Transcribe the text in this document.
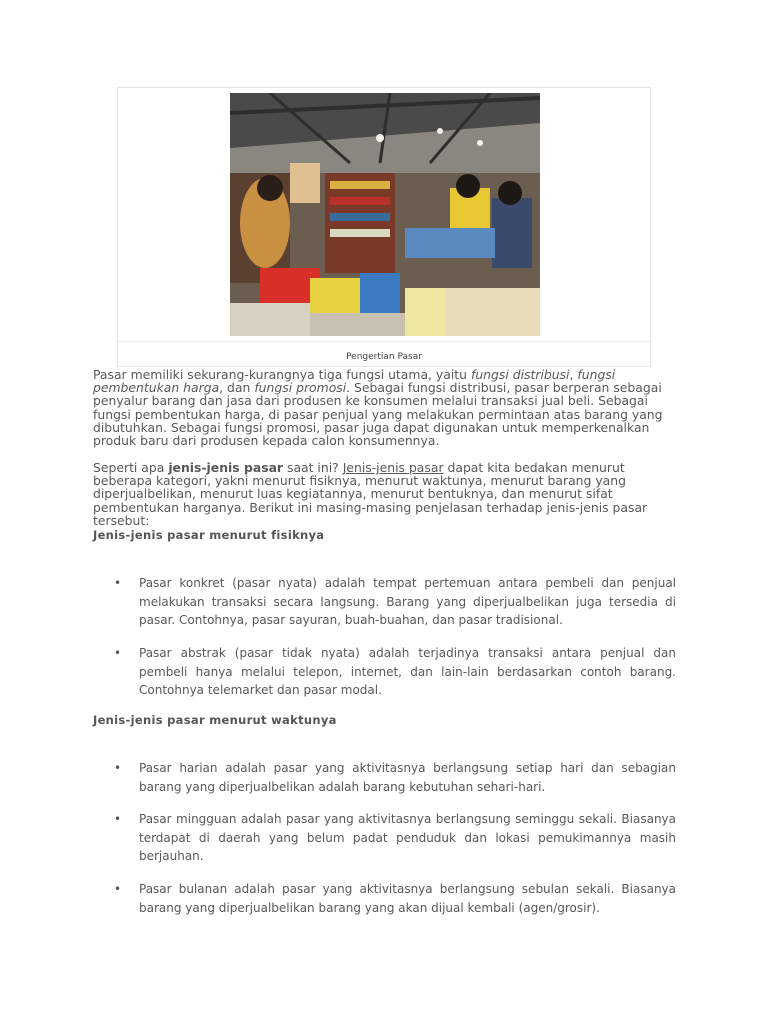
Pengertian Pasar

Pasar memiliki sekurang-kurangnya tiga fungsi utama, yaitu fungsi distribusi, fungsi pembentukan harga, dan fungsi promosi. Sebagai fungsi distribusi, pasar berperan sebagai penyalur barang dan jasa dari produsen ke konsumen melalui transaksi jual beli. Sebagai fungsi pembentukan harga, di pasar penjual yang melakukan permintaan atas barang yang dibutuhkan. Sebagai fungsi promosi, pasar juga dapat digunakan untuk memperkenalkan produk baru dari produsen kepada calon konsumennya.

Seperti apa jenis-jenis pasar saat ini? Jenis-jenis pasar dapat kita bedakan menurut beberapa kategori, yakni menurut fisiknya, menurut waktunya, menurut barang yang diperjualbelikan, menurut luas kegiatannya, menurut bentuknya, dan menurut sifat pembentukan harganya. Berikut ini masing-masing penjelasan terhadap jenis-jenis pasar tersebut:

Jenis-jenis pasar menurut fisiknya

• Pasar konkret (pasar nyata) adalah tempat pertemuan antara pembeli dan penjual melakukan transaksi secara langsung. Barang yang diperjualbelikan juga tersedia di pasar. Contohnya, pasar sayuran, buah-buahan, dan pasar tradisional.

• Pasar abstrak (pasar tidak nyata) adalah terjadinya transaksi antara penjual dan pembeli hanya melalui telepon, internet, dan lain-lain berdasarkan contoh barang. Contohnya telemarket dan pasar modal.

Jenis-jenis pasar menurut waktunya

• Pasar harian adalah pasar yang aktivitasnya berlangsung setiap hari dan sebagian barang yang diperjualbelikan adalah barang kebutuhan sehari-hari.

• Pasar mingguan adalah pasar yang aktivitasnya berlangsung seminggu sekali. Biasanya terdapat di daerah yang belum padat penduduk dan lokasi pemukimannya masih berjauhan.

• Pasar bulanan adalah pasar yang aktivitasnya berlangsung sebulan sekali. Biasanya barang yang diperjualbelikan barang yang akan dijual kembali (agen/grosir).
